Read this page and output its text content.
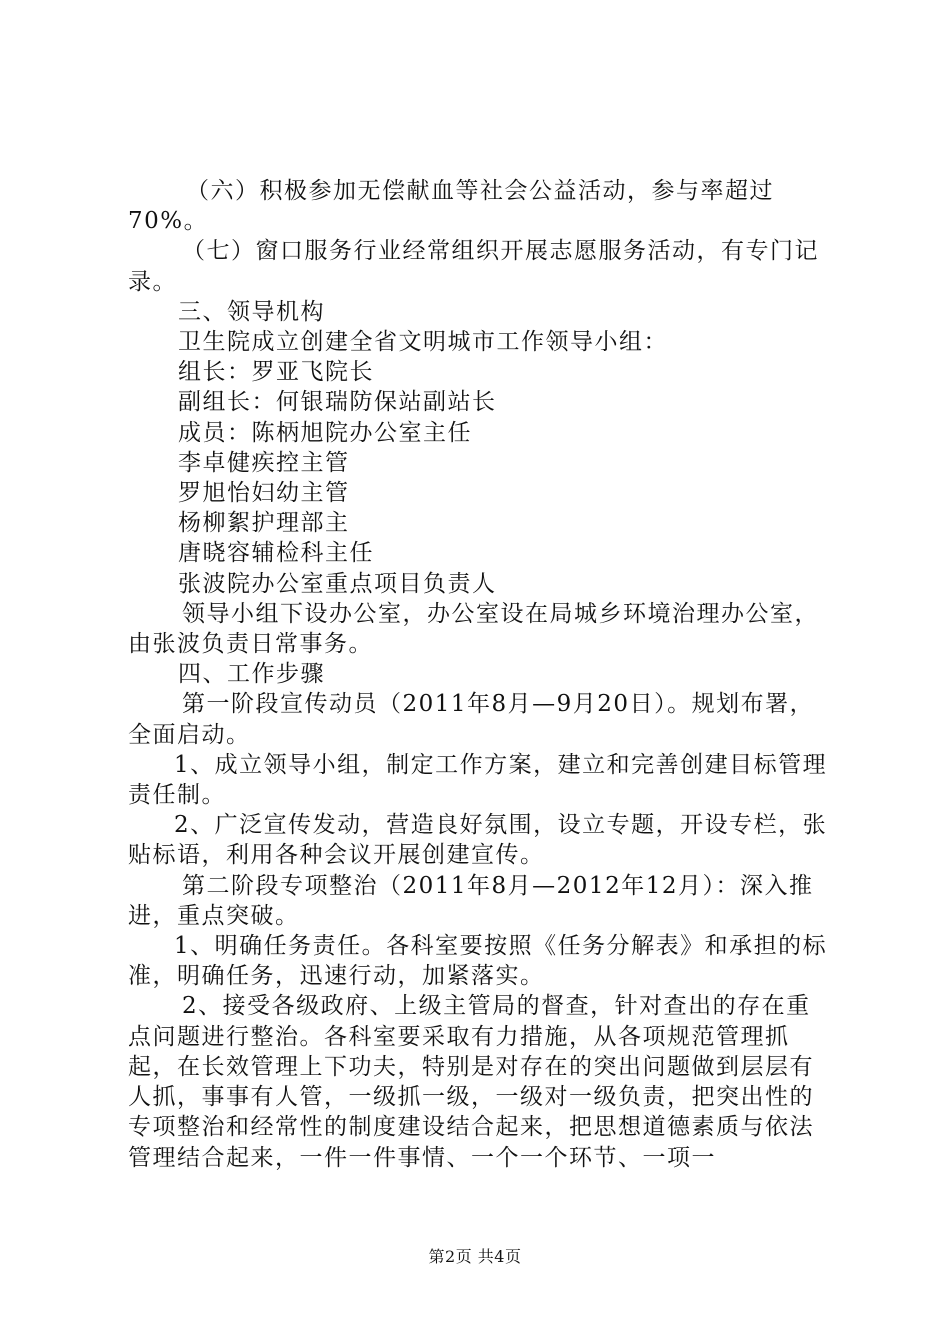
（六）积极参加无偿献血等社会公益活动，参与率超过70%。

（七）窗口服务行业经常组织开展志愿服务活动，有专门记录。

三、领导机构

卫生院成立创建全省文明城市工作领导小组：

组长：罗亚飞院长

副组长：何银瑞防保站副站长

成员：陈柄旭院办公室主任

李卓健疾控主管

罗旭怡妇幼主管

杨柳絮护理部主

唐晓容辅检科主任

张波院办公室重点项目负责人

领导小组下设办公室，办公室设在局城乡环境治理办公室，由张波负责日常事务。

四、工作步骤

第一阶段宣传动员（2011年8月—9月20日）。规划布署，全面启动。

1、成立领导小组，制定工作方案，建立和完善创建目标管理责任制。

2、广泛宣传发动，营造良好氛围，设立专题，开设专栏，张贴标语，利用各种会议开展创建宣传。

第二阶段专项整治（2011年8月—2012年12月）：深入推进，重点突破。

1、明确任务责任。各科室要按照《任务分解表》和承担的标准，明确任务，迅速行动，加紧落实。

2、接受各级政府、上级主管局的督查，针对查出的存在重点问题进行整治。各科室要采取有力措施，从各项规范管理抓起，在长效管理上下功夫，特别是对存在的突出问题做到层层有人抓，事事有人管，一级抓一级，一级对一级负责，把突出性的专项整治和经常性的制度建设结合起来，把思想道德素质与依法管理结合起来，一件一件事情、一个一个环节、一项一

第2页 共4页
